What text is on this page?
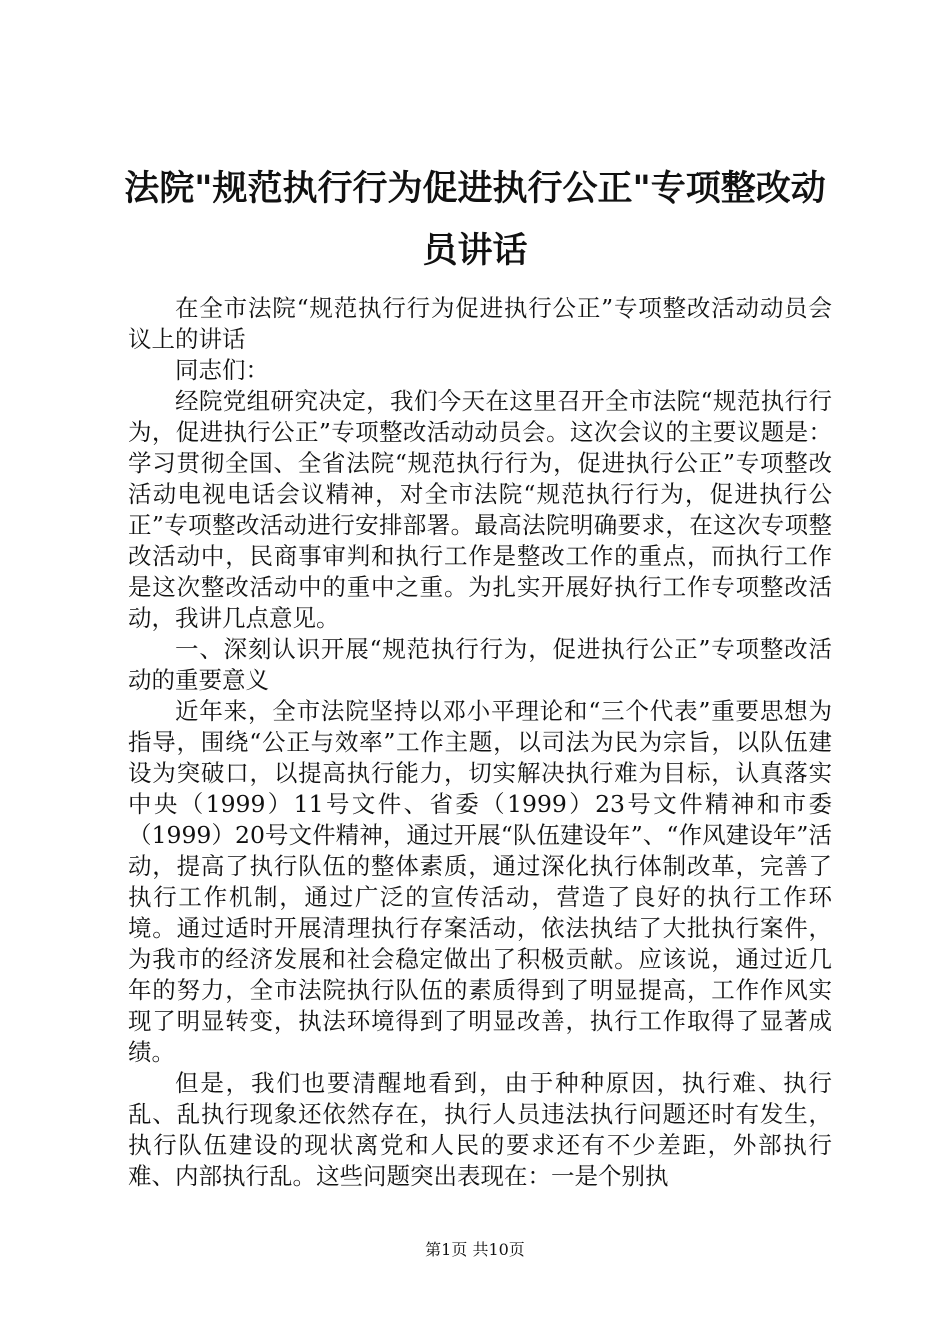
法院"规范执行行为促进执行公正"专项整改动员讲话

在全市法院“规范执行行为促进执行公正”专项整改活动动员会议上的讲话

同志们：

经院党组研究决定，我们今天在这里召开全市法院“规范执行行为，促进执行公正”专项整改活动动员会。这次会议的主要议题是：学习贯彻全国、全省法院“规范执行行为，促进执行公正”专项整改活动电视电话会议精神，对全市法院“规范执行行为，促进执行公正”专项整改活动进行安排部署。最高法院明确要求，在这次专项整改活动中，民商事审判和执行工作是整改工作的重点，而执行工作是这次整改活动中的重中之重。为扎实开展好执行工作专项整改活动，我讲几点意见。

一、深刻认识开展“规范执行行为，促进执行公正”专项整改活动的重要意义

近年来，全市法院坚持以邓小平理论和“三个代表”重要思想为指导，围绕“公正与效率”工作主题，以司法为民为宗旨，以队伍建设为突破口，以提高执行能力，切实解决执行难为目标，认真落实中央（1999）11号文件、省委（1999）23号文件精神和市委（1999）20号文件精神，通过开展“队伍建设年”、“作风建设年”活动，提高了执行队伍的整体素质，通过深化执行体制改革，完善了执行工作机制，通过广泛的宣传活动，营造了良好的执行工作环境。通过适时开展清理执行存案活动，依法执结了大批执行案件，为我市的经济发展和社会稳定做出了积极贡献。应该说，通过近几年的努力，全市法院执行队伍的素质得到了明显提高，工作作风实现了明显转变，执法环境得到了明显改善，执行工作取得了显著成绩。

但是，我们也要清醒地看到，由于种种原因，执行难、执行乱、乱执行现象还依然存在，执行人员违法执行问题还时有发生，执行队伍建设的现状离党和人民的要求还有不少差距，外部执行难、内部执行乱。这些问题突出表现在：一是个别执

第1页 共10页
